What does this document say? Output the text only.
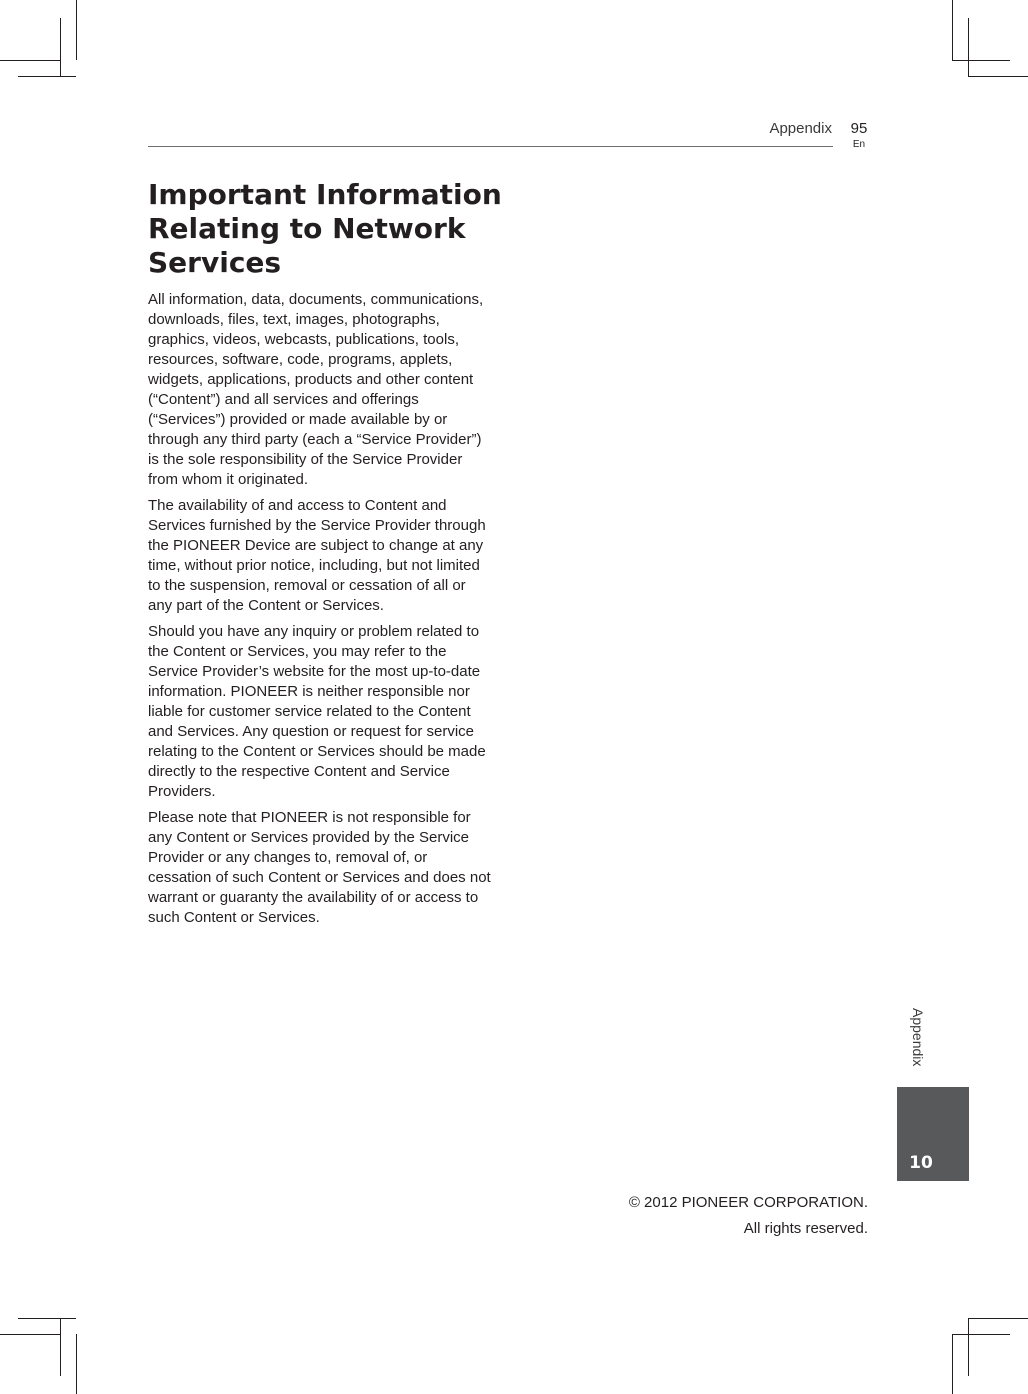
Appendix	95
En
Important Information Relating to Network Services

All information, data, documents, communications, downloads, files, text, images, photographs, graphics, videos, webcasts, publications, tools, resources, software, code, programs, applets, widgets, applications, products and other content (“Content”) and all services and offerings (“Services”) provided or made available by or through any third party (each a “Service Provider”) is the sole responsibility of the Service Provider from whom it originated.

The availability of and access to Content and Services furnished by the Service Provider through the PIONEER Device are subject to change at any time, without prior notice, including, but not limited to the suspension, removal or cessation of all or any part of the Content or Services.

Should you have any inquiry or problem related to the Content or Services, you may refer to the Service Provider’s website for the most up-to-date information. PIONEER is neither responsible nor liable for customer service related to the Content and Services. Any question or request for service relating to the Content or Services should be made directly to the respective Content and Service Providers.

Please note that PIONEER is not responsible for any Content or Services provided by the Service Provider or any changes to, removal of, or cessation of such Content or Services and does not warrant or guaranty the availability of or access to such Content or Services.

Appendix
10
© 2012 PIONEER CORPORATION.
All rights reserved.
